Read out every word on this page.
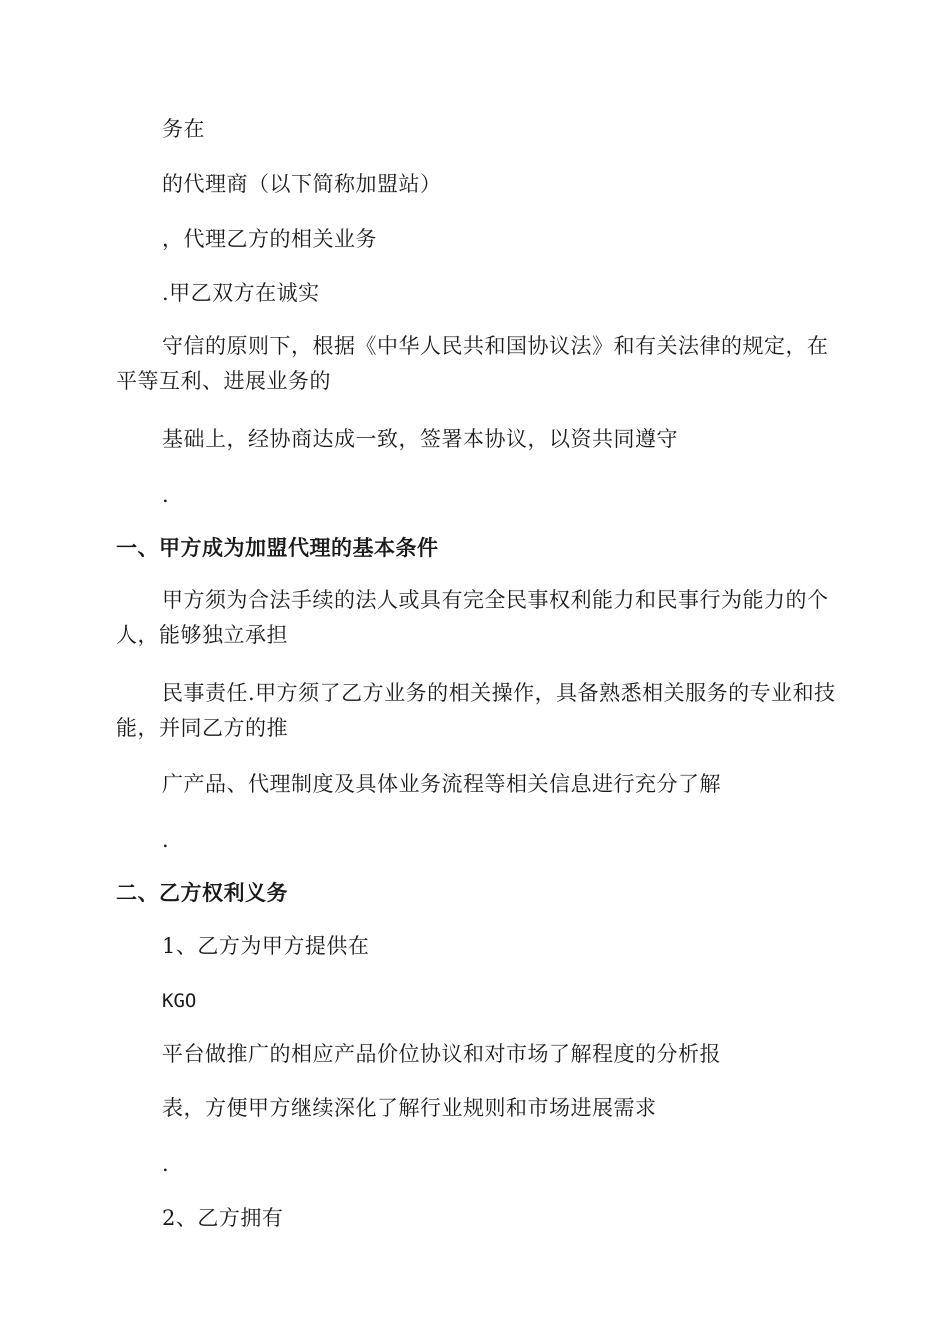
务在

的代理商（以下简称加盟站）

，代理乙方的相关业务

.甲乙双方在诚实

守信的原则下，根据《中华人民共和国协议法》和有关法律的规定，在平等互利、进展业务的

基础上，经协商达成一致，签署本协议，以资共同遵守

.

一、甲方成为加盟代理的基本条件

甲方须为合法手续的法人或具有完全民事权利能力和民事行为能力的个人，能够独立承担

民事责任.甲方须了乙方业务的相关操作，具备熟悉相关服务的专业和技能，并同乙方的推

广产品、代理制度及具体业务流程等相关信息进行充分了解

.

二、乙方权利义务

1、乙方为甲方提供在

KGO

平台做推广的相应产品价位协议和对市场了解程度的分析报

表，方便甲方继续深化了解行业规则和市场进展需求

.

2、乙方拥有
